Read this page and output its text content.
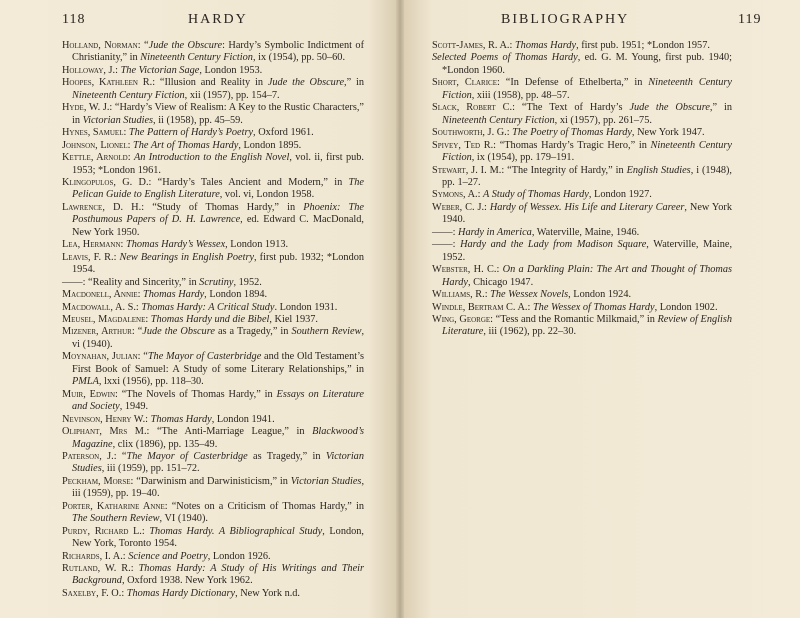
118	HARDY
Holland, Norman: “Jude the Obscure: Hardy’s Symbolic Indictment of Christianity,” in Nineteenth Century Fiction, ix (1954), pp. 50–60.
Holloway, J.: The Victorian Sage, London 1953.
Hoopes, Kathleen R.: “Illusion and Reality in Jude the Obscure,” in Nineteenth Century Fiction, xii (1957), pp. 154–7.
Hyde, W. J.: “Hardy’s View of Realism: A Key to the Rustic Characters,” in Victorian Studies, ii (1958), pp. 45–59.
Hynes, Samuel: The Pattern of Hardy’s Poetry, Oxford 1961.
Johnson, Lionel: The Art of Thomas Hardy, London 1895.
Kettle, Arnold: An Introduction to the English Novel, vol. ii, first pub. 1953; *London 1961.
Klingopulos, G. D.: “Hardy’s Tales Ancient and Modern,” in The Pelican Guide to English Literature, vol. vi, London 1958.
Lawrence, D. H.: “Study of Thomas Hardy,” in Phoenix: The Posthumous Papers of D. H. Lawrence, ed. Edward C. MacDonald, New York 1950.
Lea, Hermann: Thomas Hardy’s Wessex, London 1913.
Leavis, F. R.: New Bearings in English Poetry, first pub. 1932; *London 1954.
——: “Reality and Sincerity,” in Scrutiny, 1952.
Macdonell, Annie: Thomas Hardy, London 1894.
Macdowall, A. S.: Thomas Hardy: A Critical Study. London 1931.
Meusel, Magdalene: Thomas Hardy und die Bibel, Kiel 1937.
Mizener, Arthur: “Jude the Obscure as a Tragedy,” in Southern Review, vi (1940).
Moynahan, Julian: “The Mayor of Casterbridge and the Old Testament’s First Book of Samuel: A Study of some Literary Relationships,” in PMLA, lxxi (1956), pp. 118–30.
Muir, Edwin: “The Novels of Thomas Hardy,” in Essays on Literature and Society, 1949.
Nevinson, Henry W.: Thomas Hardy, London 1941.
Oliphant, Mrs M.: “The Anti-Marriage League,” in Blackwood’s Magazine, clix (1896), pp. 135–49.
Paterson, J.: “The Mayor of Casterbridge as Tragedy,” in Victorian Studies, iii (1959), pp. 151–72.
Peckham, Morse: “Darwinism and Darwinisticism,” in Victorian Studies, iii (1959), pp. 19–40.
Porter, Katharine Anne: “Notes on a Criticism of Thomas Hardy,” in The Southern Review, VI (1940).
Purdy, Richard L.: Thomas Hardy. A Bibliographical Study, London, New York, Toronto 1954.
Richards, I. A.: Science and Poetry, London 1926.
Rutland, W. R.: Thomas Hardy: A Study of His Writings and Their Background, Oxford 1938. New York 1962.
Saxelby, F. O.: Thomas Hardy Dictionary, New York n.d.
BIBLIOGRAPHY	119
Scott-James, R. A.: Thomas Hardy, first pub. 1951; *London 1957.
Selected Poems of Thomas Hardy, ed. G. M. Young, first pub. 1940; *London 1960.
Short, Clarice: “In Defense of Ethelberta,” in Nineteenth Century Fiction, xiii (1958), pp. 48–57.
Slack, Robert C.: “The Text of Hardy’s Jude the Obscure,” in Nineteenth Century Fiction, xi (1957), pp. 261–75.
Southworth, J. G.: The Poetry of Thomas Hardy, New York 1947.
Spivey, Ted R.: “Thomas Hardy’s Tragic Hero,” in Nineteenth Century Fiction, ix (1954), pp. 179–191.
Stewart, J. I. M.: “The Integrity of Hardy,” in English Studies, i (1948), pp. 1–27.
Symons, A.: A Study of Thomas Hardy, London 1927.
Weber, C. J.: Hardy of Wessex. His Life and Literary Career, New York 1940.
——: Hardy in America, Waterville, Maine, 1946.
——: Hardy and the Lady from Madison Square, Waterville, Maine, 1952.
Webster, H. C.: On a Darkling Plain: The Art and Thought of Thomas Hardy, Chicago 1947.
Williams, R.: The Wessex Novels, London 1924.
Windle, Bertram C. A.: The Wessex of Thomas Hardy, London 1902.
Wing, George: “Tess and the Romantic Milkmaid,” in Review of English Literature, iii (1962), pp. 22–30.
